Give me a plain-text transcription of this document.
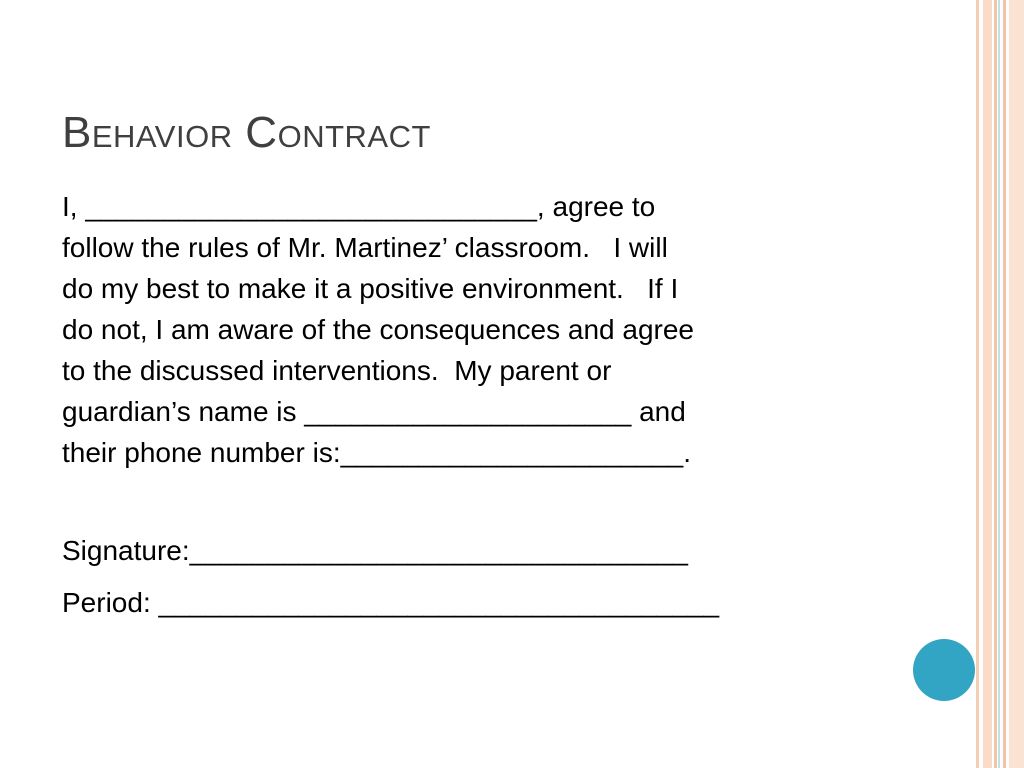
Behavior Contract

I, _____________________________, agree to
follow the rules of Mr. Martinez’ classroom.   I will
do my best to make it a positive environment.   If I
do not, I am aware of the consequences and agree
to the discussed interventions.  My parent or
guardian’s name is _____________________ and
their phone number is:______________________.

Signature:________________________________

Period: ____________________________________
